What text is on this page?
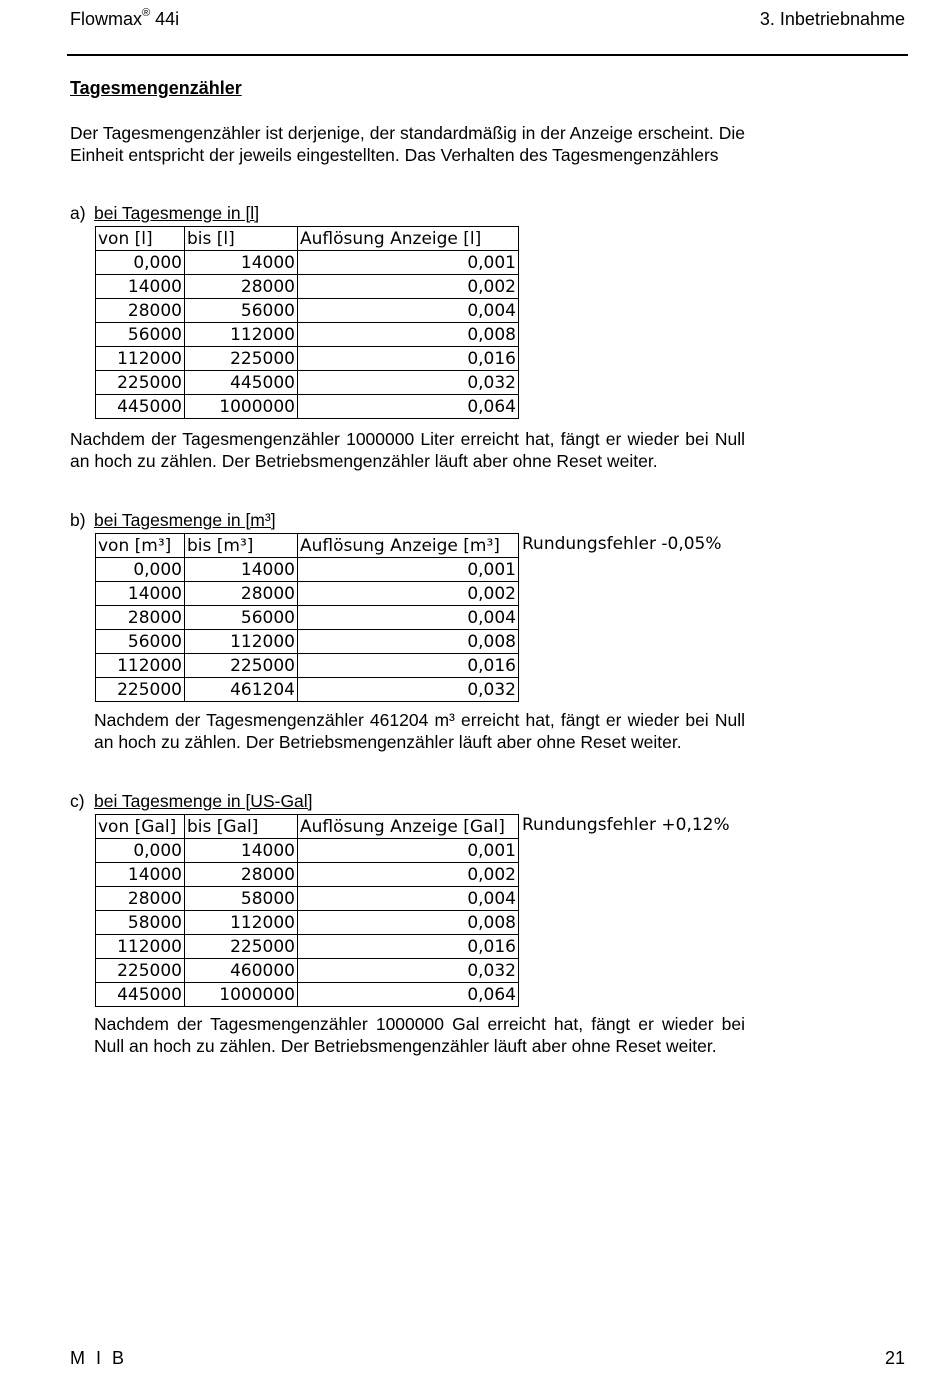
Flowmax® 44i	3. Inbetriebnahme
Tagesmengenzähler
Der Tagesmengenzähler ist derjenige, der standardmäßig in der Anzeige erscheint. Die Einheit entspricht der jeweils eingestellten. Das Verhalten des Tagesmengenzählers
a) bei Tagesmenge in [l]
von [l]	bis [l]	Auflösung Anzeige [l]
0,000	14000	0,001
14000	28000	0,002
28000	56000	0,004
56000	112000	0,008
112000	225000	0,016
225000	445000	0,032
445000	1000000	0,064
Nachdem der Tagesmengenzähler 1000000 Liter erreicht hat, fängt er wieder bei Null an hoch zu zählen. Der Betriebsmengenzähler läuft aber ohne Reset weiter.
b) bei Tagesmenge in [m³]
von [m³]	bis [m³]	Auflösung Anzeige [m³]
0,000	14000	0,001
14000	28000	0,002
28000	56000	0,004
56000	112000	0,008
112000	225000	0,016
225000	461204	0,032
Rundungsfehler -0,05%
Nachdem der Tagesmengenzähler 461204 m³ erreicht hat, fängt er wieder bei Null an hoch zu zählen. Der Betriebsmengenzähler läuft aber ohne Reset weiter.
c) bei Tagesmenge in [US-Gal]
von [Gal]	bis [Gal]	Auflösung Anzeige [Gal]
0,000	14000	0,001
14000	28000	0,002
28000	58000	0,004
58000	112000	0,008
112000	225000	0,016
225000	460000	0,032
445000	1000000	0,064
Rundungsfehler +0,12%
Nachdem der Tagesmengenzähler 1000000 Gal erreicht hat, fängt er wieder bei Null an hoch zu zählen. Der Betriebsmengenzähler läuft aber ohne Reset weiter.
M I B	21
